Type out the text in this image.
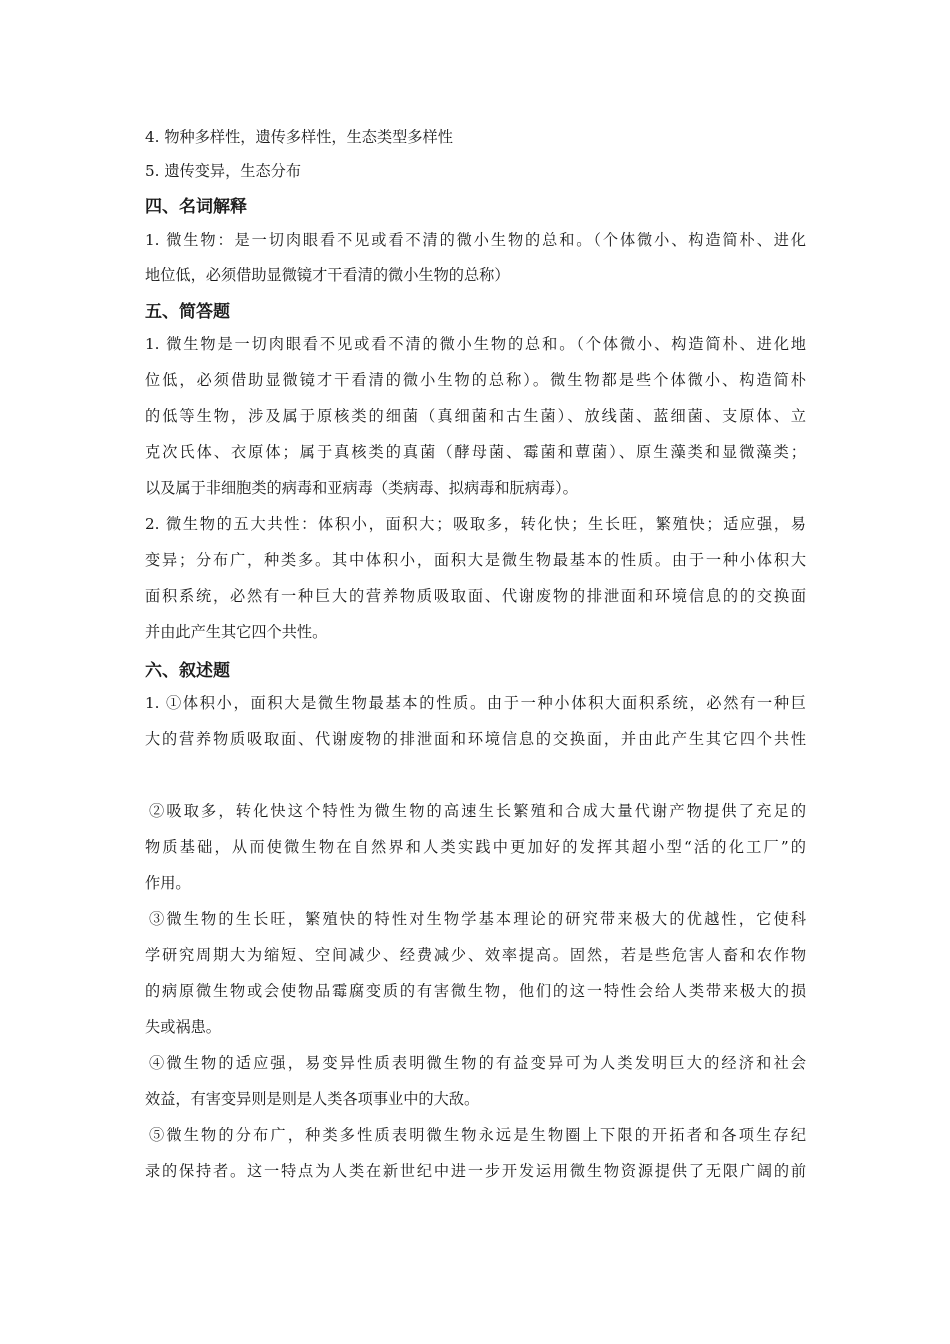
4. 物种多样性，遗传多样性，生态类型多样性
5. 遗传变异，生态分布
四、名词解释
1. 微生物：是一切肉眼看不见或看不清的微小生物的总和。（个体微小、构造简朴、进化
地位低，必须借助显微镜才干看清的微小生物的总称）
五、简答题
1. 微生物是一切肉眼看不见或看不清的微小生物的总和。（个体微小、构造简朴、进化地
位低，必须借助显微镜才干看清的微小生物的总称）。微生物都是些个体微小、构造简朴
的低等生物，涉及属于原核类的细菌（真细菌和古生菌）、放线菌、蓝细菌、支原体、立
克次氏体、衣原体；属于真核类的真菌（酵母菌、霉菌和蕈菌）、原生藻类和显微藻类；
以及属于非细胞类的病毒和亚病毒（类病毒、拟病毒和朊病毒）。
2. 微生物的五大共性：体积小，面积大；吸取多，转化快；生长旺，繁殖快；适应强，易
变异；分布广，种类多。其中体积小，面积大是微生物最基本的性质。由于一种小体积大
面积系统，必然有一种巨大的营养物质吸取面、代谢废物的排泄面和环境信息的的交换面
并由此产生其它四个共性。
六、叙述题
1. ①体积小，面积大是微生物最基本的性质。由于一种小体积大面积系统，必然有一种巨
大的营养物质吸取面、代谢废物的排泄面和环境信息的交换面，并由此产生其它四个共性
②吸取多，转化快这个特性为微生物的高速生长繁殖和合成大量代谢产物提供了充足的
物质基础，从而使微生物在自然界和人类实践中更加好的发挥其超小型“活的化工厂”的
作用。
③微生物的生长旺，繁殖快的特性对生物学基本理论的研究带来极大的优越性，它使科
学研究周期大为缩短、空间减少、经费减少、效率提高。固然，若是些危害人畜和农作物
的病原微生物或会使物品霉腐变质的有害微生物，他们的这一特性会给人类带来极大的损
失或祸患。
④微生物的适应强，易变异性质表明微生物的有益变异可为人类发明巨大的经济和社会
效益，有害变异则是则是人类各项事业中的大敌。
⑤微生物的分布广，种类多性质表明微生物永远是生物圈上下限的开拓者和各项生存纪
录的保持者。这一特点为人类在新世纪中进一步开发运用微生物资源提供了无限广阔的前
